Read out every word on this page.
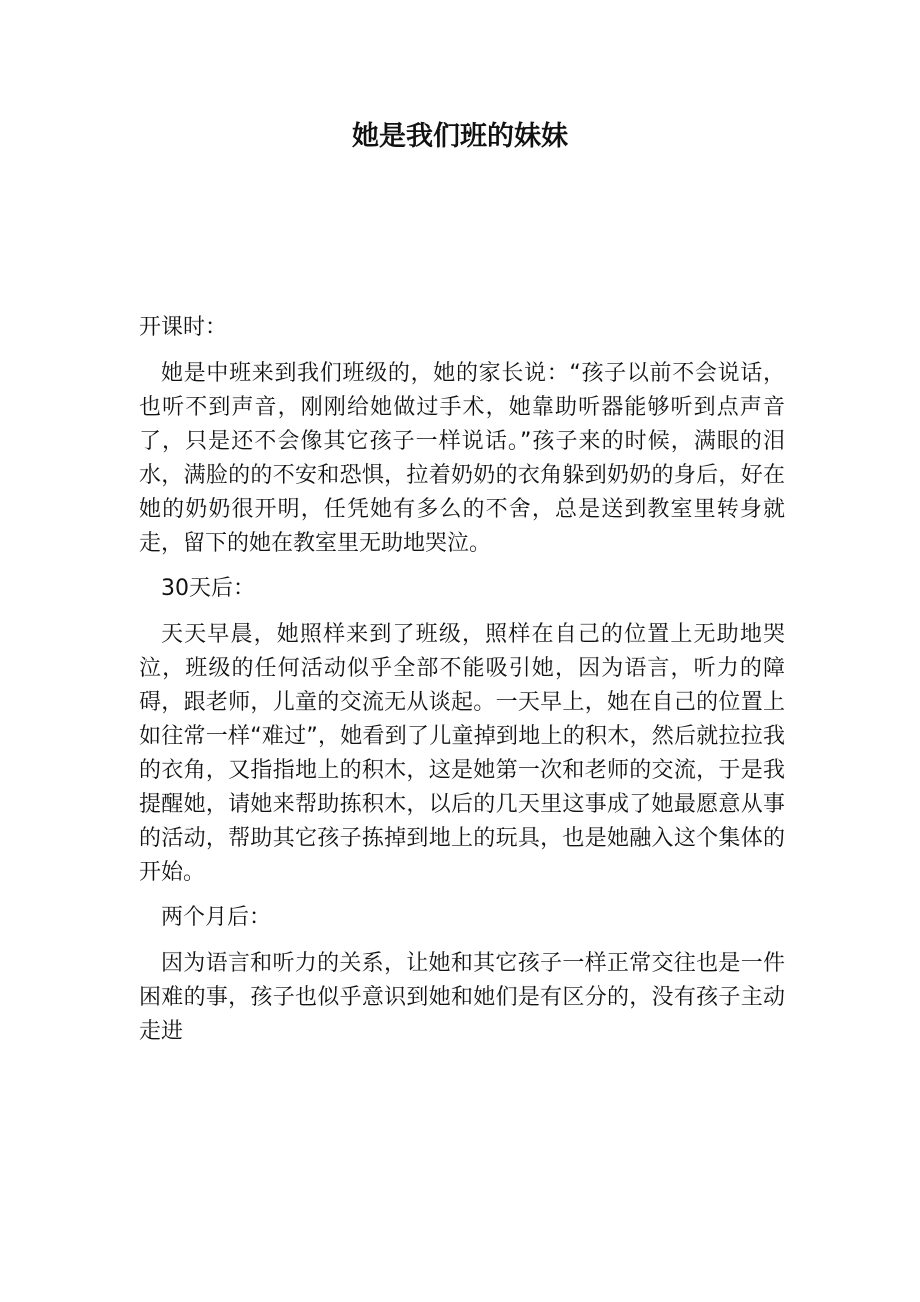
她是我们班的妹妹

开课时：

她是中班来到我们班级的，她的家长说：“孩子以前不会说话，也听不到声音，刚刚给她做过手术，她靠助听器能够听到点声音了，只是还不会像其它孩子一样说话。”孩子来的时候，满眼的泪水，满脸的的不安和恐惧，拉着奶奶的衣角躲到奶奶的身后，好在她的奶奶很开明，任凭她有多么的不舍，总是送到教室里转身就走，留下的她在教室里无助地哭泣。

30天后：

天天早晨，她照样来到了班级，照样在自己的位置上无助地哭泣，班级的任何活动似乎全部不能吸引她，因为语言，听力的障碍，跟老师，儿童的交流无从谈起。一天早上，她在自己的位置上如往常一样“难过”，她看到了儿童掉到地上的积木，然后就拉拉我的衣角，又指指地上的积木，这是她第一次和老师的交流，于是我提醒她，请她来帮助拣积木，以后的几天里这事成了她最愿意从事的活动，帮助其它孩子拣掉到地上的玩具，也是她融入这个集体的开始。

两个月后：

因为语言和听力的关系，让她和其它孩子一样正常交往也是一件困难的事，孩子也似乎意识到她和她们是有区分的，没有孩子主动走进
